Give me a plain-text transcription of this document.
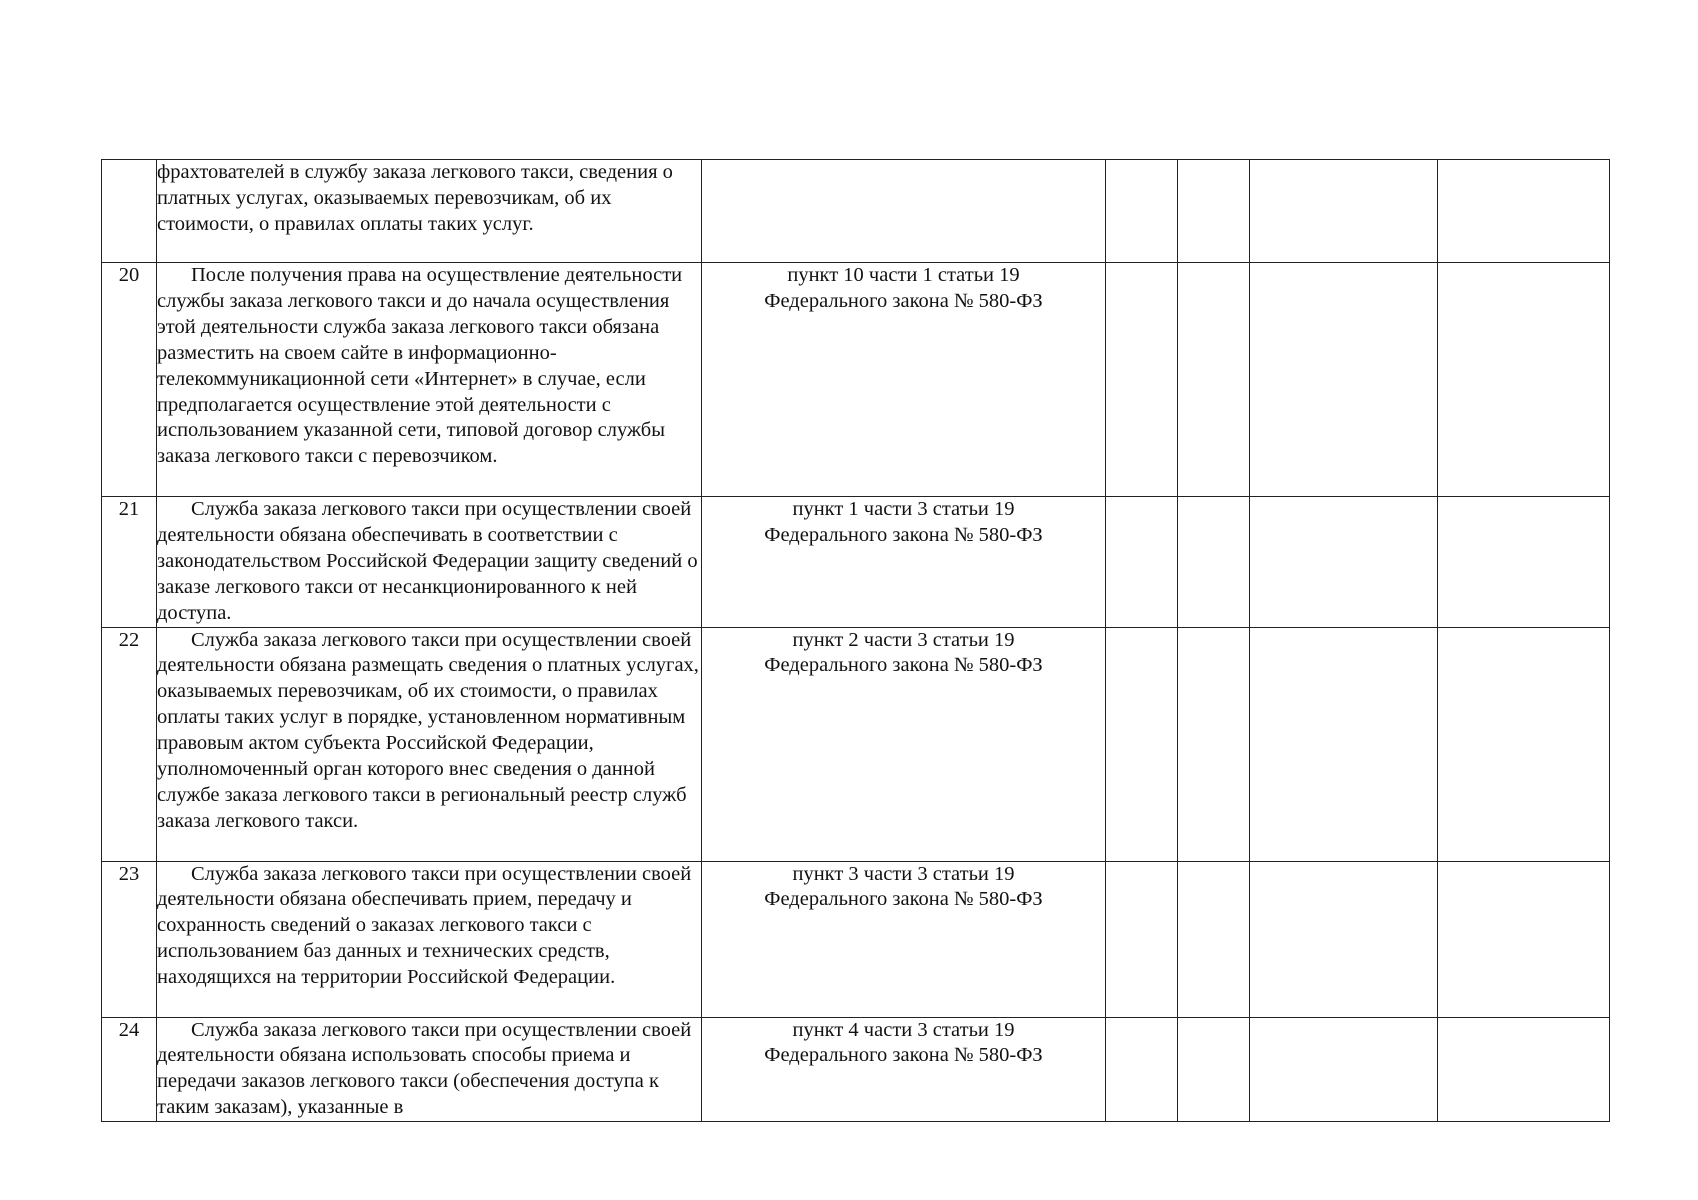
	фрахтователей в службу заказа легкового такси, сведения о платных услугах, оказываемых перевозчикам, об их стоимости, о правилах оплаты таких услуг.					

20	После получения права на осуществление деятельности службы заказа легкового такси и до начала осуществления этой деятельности служба заказа легкового такси обязана разместить на своем сайте в информационно-телекоммуникационной сети «Интернет» в случае, если предполагается осуществление этой деятельности с использованием указанной сети, типовой договор службы заказа легкового такси с перевозчиком.	пункт 10 части 1 статьи 19
Федерального закона № 580-ФЗ				

21	Служба заказа легкового такси при осуществлении своей деятельности обязана обеспечивать в соответствии с законодательством Российской Федерации защиту сведений о заказе легкового такси от несанкционированного к ней доступа.	пункт 1 части 3 статьи 19
Федерального закона № 580-ФЗ				

22	Служба заказа легкового такси при осуществлении своей деятельности обязана размещать сведения о платных услугах, оказываемых перевозчикам, об их стоимости, о правилах оплаты таких услуг в порядке, установленном нормативным правовым актом субъекта Российской Федерации, уполномоченный орган которого внес сведения о данной службе заказа легкового такси в региональный реестр служб заказа легкового такси.	пункт 2 части 3 статьи 19
Федерального закона № 580-ФЗ				

23	Служба заказа легкового такси при осуществлении своей деятельности обязана обеспечивать прием, передачу и сохранность сведений о заказах легкового такси с использованием баз данных и технических средств, находящихся на территории Российской Федерации.	пункт 3 части 3 статьи 19
Федерального закона № 580-ФЗ				

24	Служба заказа легкового такси при осуществлении своей деятельности обязана использовать способы приема и передачи заказов легкового такси (обеспечения доступа к таким заказам), указанные в	пункт 4 части 3 статьи 19
Федерального закона № 580-ФЗ				
